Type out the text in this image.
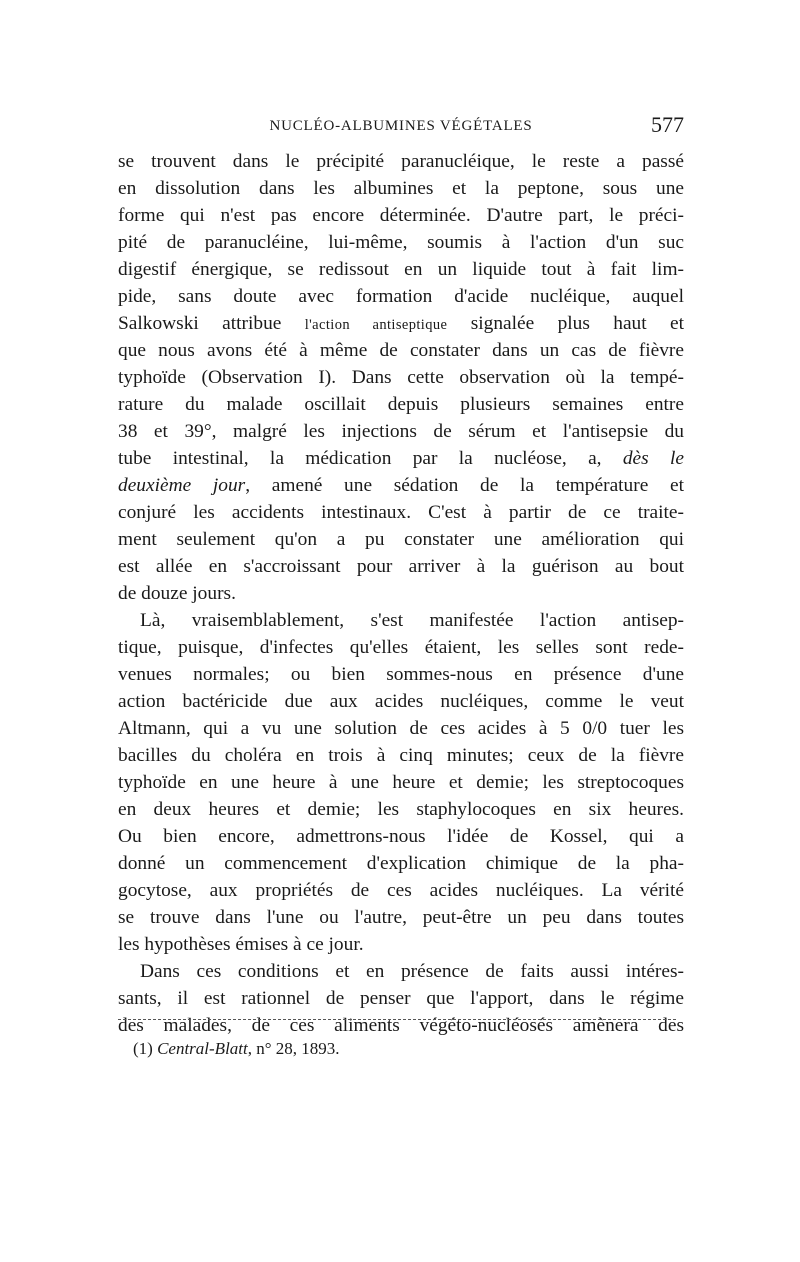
NUCLÉO-ALBUMINES VÉGÉTALES	577
se trouvent dans le précipité paranucléique, le reste a passé
en dissolution dans les albumines et la peptone, sous une
forme qui n'est pas encore déterminée. D'autre part, le préci-
pité de paranucléine, lui-même, soumis à l'action d'un suc
digestif énergique, se redissout en un liquide tout à fait lim-
pide, sans doute avec formation d'acide nucléique, auquel
Salkowski attribue l'action antiseptique signalée plus haut et
que nous avons été à même de constater dans un cas de fièvre
typhoïde (Observation I). Dans cette observation où la tempé-
rature du malade oscillait depuis plusieurs semaines entre
38 et 39°, malgré les injections de sérum et l'antisepsie du
tube intestinal, la médication par la nucléose, a, dès le
deuxième jour, amené une sédation de la température et
conjuré les accidents intestinaux. C'est à partir de ce traite-
ment seulement qu'on a pu constater une amélioration qui
est allée en s'accroissant pour arriver à la guérison au bout
de douze jours.
Là, vraisemblablement, s'est manifestée l'action antisep-
tique, puisque, d'infectes qu'elles étaient, les selles sont rede-
venues normales; ou bien sommes-nous en présence d'une
action bactéricide due aux acides nucléiques, comme le veut
Altmann, qui a vu une solution de ces acides à 5 0/0 tuer les
bacilles du choléra en trois à cinq minutes; ceux de la fièvre
typhoïde en une heure à une heure et demie; les streptocoques
en deux heures et demie; les staphylocoques en six heures.
Ou bien encore, admettrons-nous l'idée de Kossel, qui a
donné un commencement d'explication chimique de la pha-
gocytose, aux propriétés de ces acides nucléiques. La vérité
se trouve dans l'une ou l'autre, peut-être un peu dans toutes
les hypothèses émises à ce jour.
Dans ces conditions et en présence de faits aussi intéres-
sants, il est rationnel de penser que l'apport, dans le régime
des malades, de ces aliments végéto-nucléosés amènera des
(1) Central-Blatt, n° 28, 1893.
